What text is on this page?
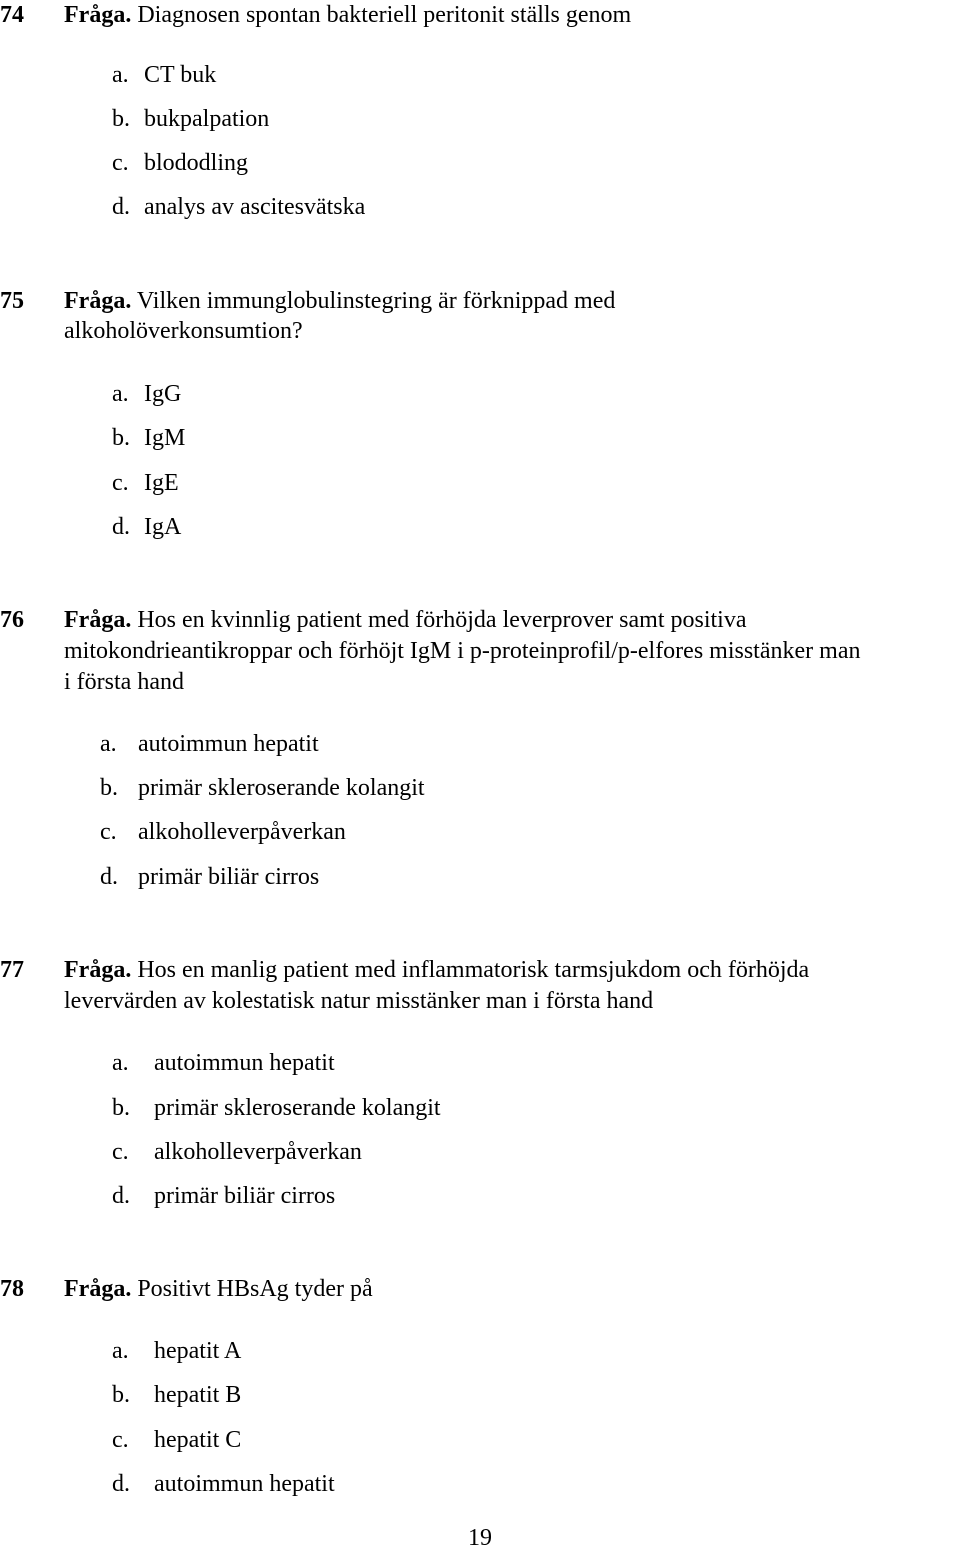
74 Fråga. Diagnosen spontan bakteriell peritonit ställs genom
a. CT buk
b. bukpalpation
c. blododling
d. analys av ascitesvätska
75 Fråga. Vilken immunglobulinstegring är förknippad med
alkoholöverkonsumtion?
a. IgG
b. IgM
c. IgE
d. IgA
76 Fråga. Hos en kvinnlig patient med förhöjda leverprover samt positiva
mitokondrieantikroppar och förhöjt IgM i p-proteinprofil/p-elfores misstänker man
i första hand
a. autoimmun hepatit
b. primär skleroserande kolangit
c. alkoholleverpåverkan
d. primär biliär cirros
77 Fråga. Hos en manlig patient med inflammatorisk tarmsjukdom och förhöjda
levervärden av kolestatisk natur misstänker man i första hand
a. autoimmun hepatit
b. primär skleroserande kolangit
c. alkoholleverpåverkan
d. primär biliär cirros
78 Fråga. Positivt HBsAg tyder på
a. hepatit A
b. hepatit B
c. hepatit C
d. autoimmun hepatit
19
